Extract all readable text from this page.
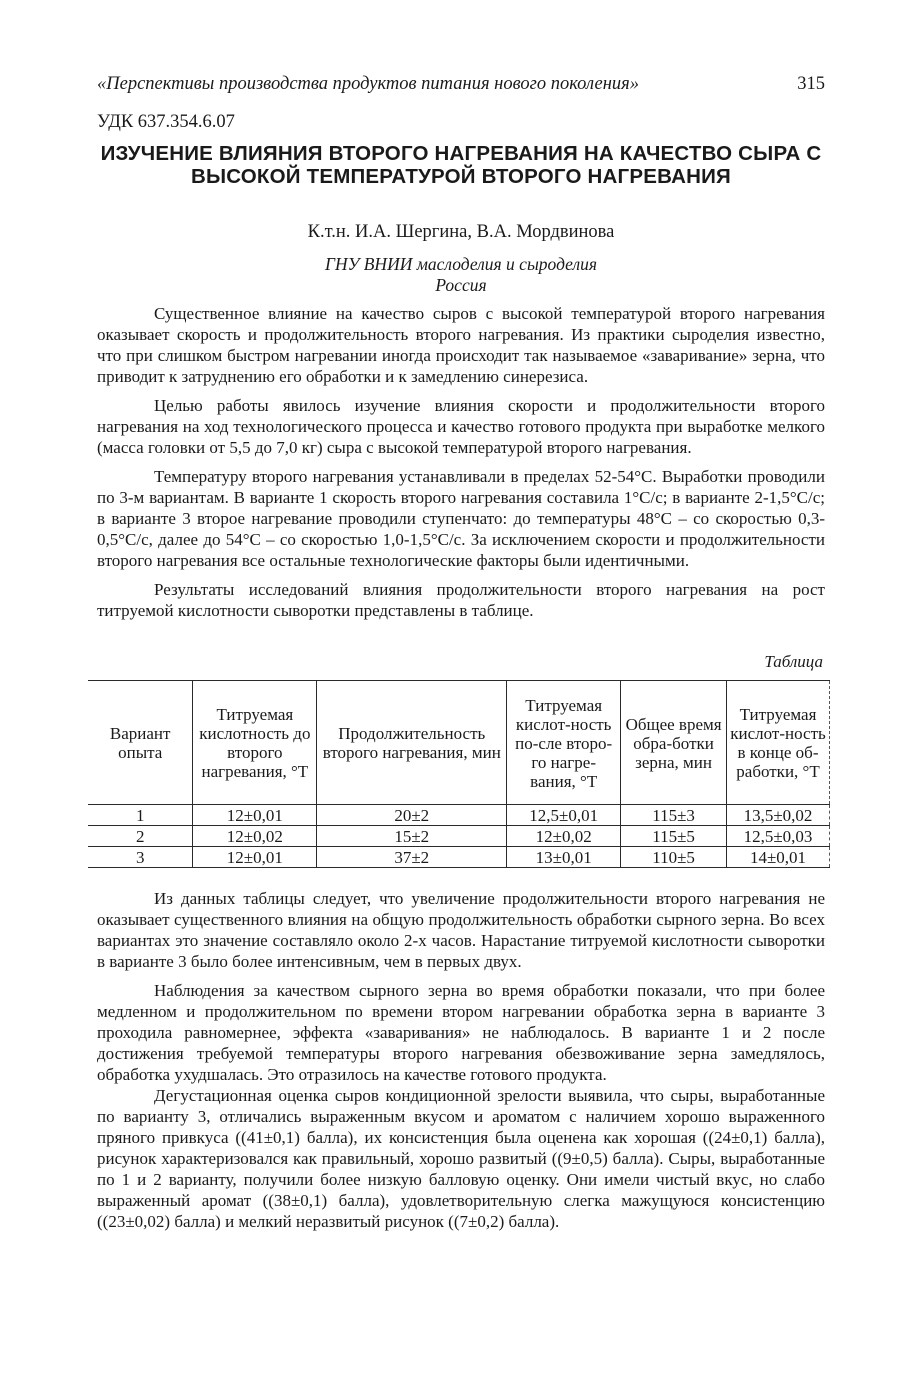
«Перспективы производства продуктов питания нового поколения»	315
УДК 637.354.6.07
ИЗУЧЕНИЕ ВЛИЯНИЯ ВТОРОГО НАГРЕВАНИЯ НА КАЧЕСТВО СЫРА С ВЫСОКОЙ ТЕМПЕРАТУРОЙ ВТОРОГО НАГРЕВАНИЯ
К.т.н. И.А. Шергина, В.А. Мордвинова
ГНУ ВНИИ маслоделия и сыроделия
Россия

Существенное влияние на качество сыров с высокой температурой второго нагревания оказывает скорость и продолжительность второго нагревания. Из практики сыроделия известно, что при слишком быстром нагревании иногда происходит так называемое «заваривание» зерна, что приводит к затруднению его обработки и к замедлению синерезиса.

Целью работы явилось изучение влияния скорости и продолжительности второго нагревания на ход технологического процесса и качество готового продукта при выработке мелкого (масса головки от 5,5 до 7,0 кг) сыра с высокой температурой второго нагревания.

Температуру второго нагревания устанавливали в пределах 52-54°С. Выработки проводили по 3-м вариантам. В варианте 1 скорость второго нагревания составила 1°С/с; в варианте 2-1,5°С/с; в варианте 3 второе нагревание проводили ступенчато: до температуры 48°С – со скоростью 0,3-0,5°С/с, далее до 54°С – со скоростью 1,0-1,5°С/с. За исключением скорости и продолжительности второго нагревания все остальные технологические факторы были идентичными.

Результаты исследований влияния продолжительности второго нагревания на рост титруемой кислотности сыворотки представлены в таблице.

Таблица
Вариант опыта	Титруемая кислотность до второго нагревания, °Т	Продолжительность второго нагревания, мин	Титруемая кислот-ность по-сле второ-го нагре-вания, °Т	Общее время обра-ботки зерна, мин	Титруемая кислот-ность в конце об-работки, °Т
1	12±0,01	20±2	12,5±0,01	115±3	13,5±0,02
2	12±0,02	15±2	12±0,02	115±5	12,5±0,03
3	12±0,01	37±2	13±0,01	110±5	14±0,01

Из данных таблицы следует, что увеличение продолжительности второго нагревания не оказывает существенного влияния на общую продолжительность обработки сырного зерна. Во всех вариантах это значение составляло около 2-х часов. Нарастание титруемой кислотности сыворотки в варианте 3 было более интенсивным, чем в первых двух.

Наблюдения за качеством сырного зерна во время обработки показали, что при более медленном и продолжительном по времени втором нагревании обработка зерна в варианте 3 проходила равномернее, эффекта «заваривания» не наблюдалось. В варианте 1 и 2 после достижения требуемой температуры второго нагревания обезвоживание зерна замедлялось, обработка ухудшалась. Это отразилось на качестве готового продукта.

Дегустационная оценка сыров кондиционной зрелости выявила, что сыры, выработанные по варианту 3, отличались выраженным вкусом и ароматом с наличием хорошо выраженного пряного привкуса ((41±0,1) балла), их консистенция была оценена как хорошая ((24±0,1) балла), рисунок характеризовался как правильный, хорошо развитый ((9±0,5) балла). Сыры, выработанные по 1 и 2 варианту, получили более низкую балловую оценку. Они имели чистый вкус, но слабо выраженный аромат ((38±0,1) балла), удовлетворительную слегка мажущуюся консистенцию ((23±0,02) балла) и мелкий неразвитый рисунок ((7±0,2) балла).
